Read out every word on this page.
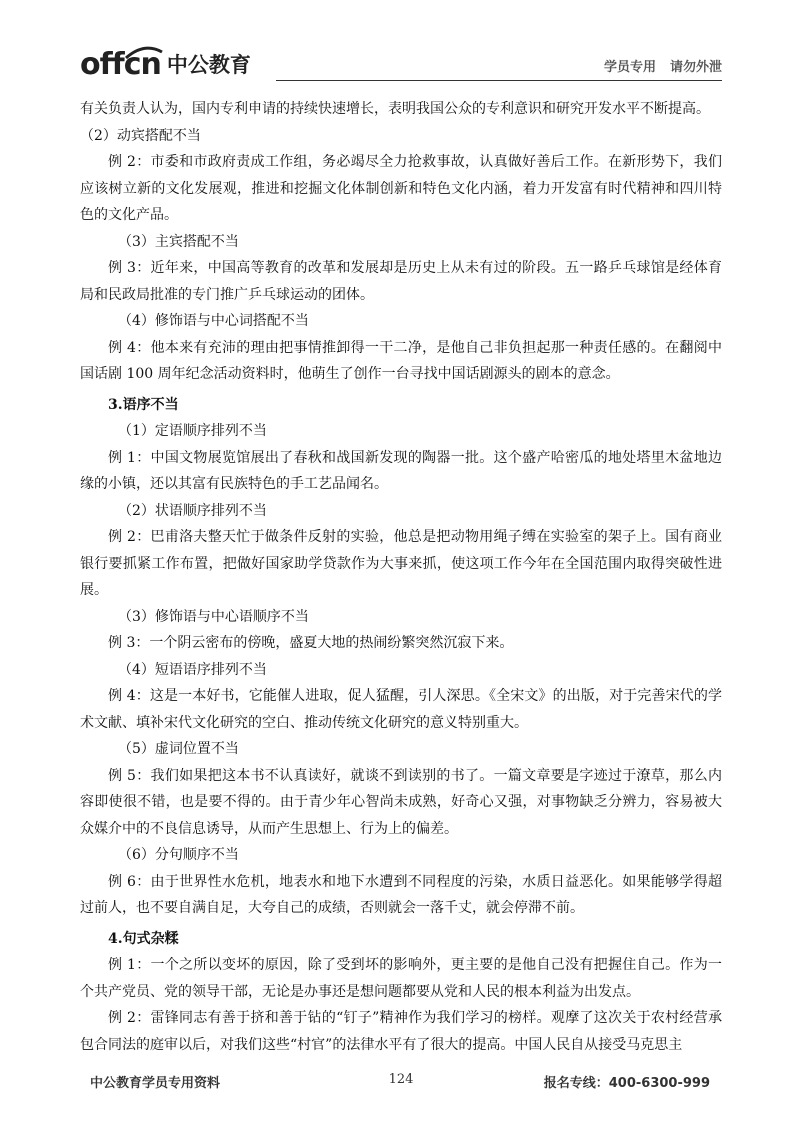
offcn 中公教育	学员专用 请勿外泄

有关负责人认为，国内专利申请的持续快速增长，表明我国公众的专利意识和研究开发水平不断提高。

（2）动宾搭配不当

例 2：市委和市政府责成工作组，务必竭尽全力抢救事故，认真做好善后工作。在新形势下，我们应该树立新的文化发展观，推进和挖掘文化体制创新和特色文化内涵，着力开发富有时代精神和四川特色的文化产品。

（3）主宾搭配不当

例 3：近年来，中国高等教育的改革和发展却是历史上从未有过的阶段。五一路乒乓球馆是经体育局和民政局批准的专门推广乒乓球运动的团体。

（4）修饰语与中心词搭配不当

例 4：他本来有充沛的理由把事情推卸得一干二净，是他自己非负担起那一种责任感的。在翻阅中国话剧 100 周年纪念活动资料时，他萌生了创作一台寻找中国话剧源头的剧本的意念。

3.语序不当

（1）定语顺序排列不当

例 1：中国文物展览馆展出了春秋和战国新发现的陶器一批。这个盛产哈密瓜的地处塔里木盆地边缘的小镇，还以其富有民族特色的手工艺品闻名。

（2）状语顺序排列不当

例 2：巴甫洛夫整天忙于做条件反射的实验，他总是把动物用绳子缚在实验室的架子上。国有商业银行要抓紧工作布置，把做好国家助学贷款作为大事来抓，使这项工作今年在全国范围内取得突破性进展。

（3）修饰语与中心语顺序不当

例 3：一个阴云密布的傍晚，盛夏大地的热闹纷繁突然沉寂下来。

（4）短语语序排列不当

例 4：这是一本好书，它能催人进取，促人猛醒，引人深思。《全宋文》的出版，对于完善宋代的学术文献、填补宋代文化研究的空白、推动传统文化研究的意义特别重大。

（5）虚词位置不当

例 5：我们如果把这本书不认真读好，就谈不到读别的书了。一篇文章要是字迹过于潦草，那么内容即使很不错，也是要不得的。由于青少年心智尚未成熟，好奇心又强，对事物缺乏分辨力，容易被大众媒介中的不良信息诱导，从而产生思想上、行为上的偏差。

（6）分句顺序不当

例 6：由于世界性水危机，地表水和地下水遭到不同程度的污染，水质日益恶化。如果能够学得超过前人，也不要自满自足，大夸自己的成绩，否则就会一落千丈，就会停滞不前。

4.句式杂糅

例 1：一个之所以变坏的原因，除了受到坏的影响外，更主要的是他自己没有把握住自己。作为一个共产党员、党的领导干部，无论是办事还是想问题都要从党和人民的根本利益为出发点。

例 2：雷锋同志有善于挤和善于钻的“钉子”精神作为我们学习的榜样。观摩了这次关于农村经营承包合同法的庭审以后，对我们这些“村官”的法律水平有了很大的提高。中国人民自从接受马克思主

中公教育学员专用资料	124	报名专线：400-6300-999
